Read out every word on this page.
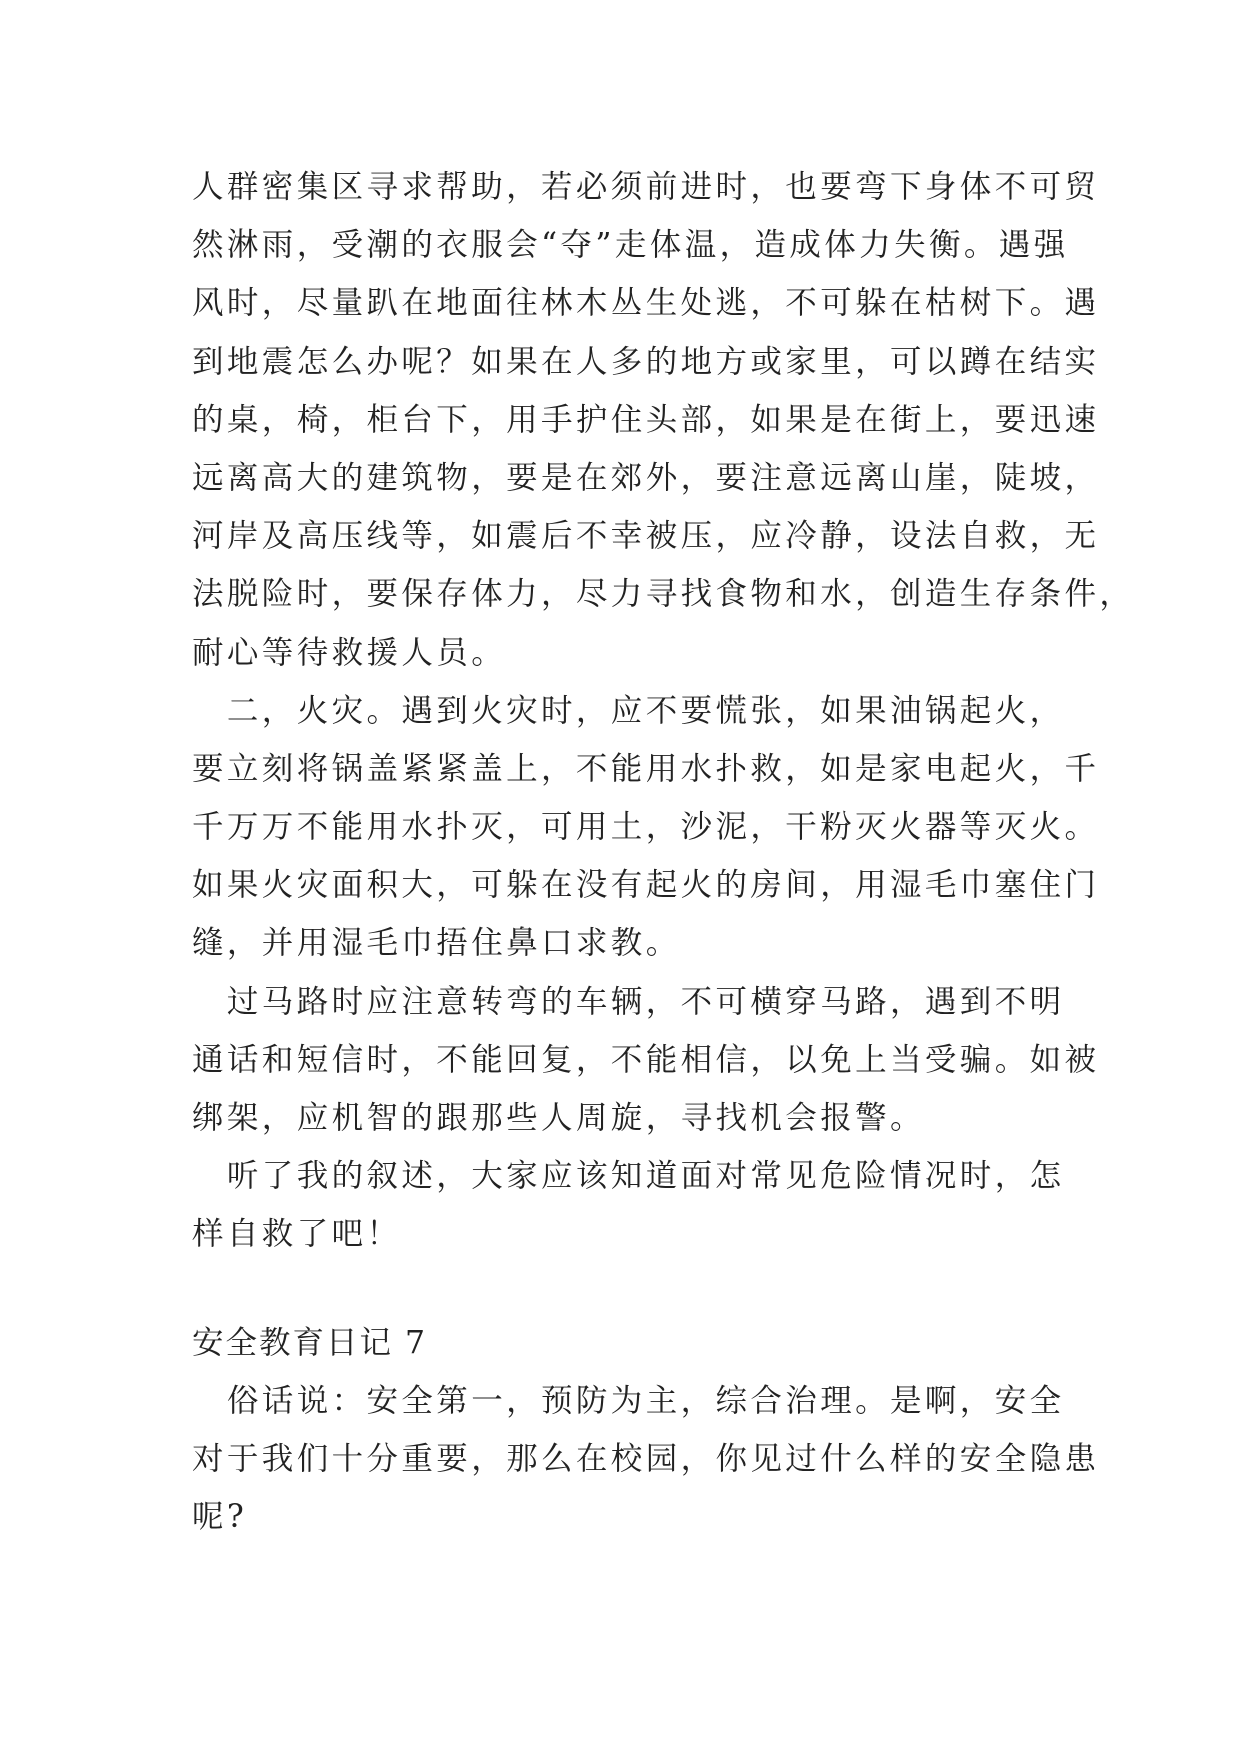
人群密集区寻求帮助，若必须前进时，也要弯下身体不可贸
然淋雨，受潮的衣服会“夺”走体温，造成体力失衡。遇强
风时，尽量趴在地面往林木丛生处逃，不可躲在枯树下。遇
到地震怎么办呢？如果在人多的地方或家里，可以蹲在结实
的桌，椅，柜台下，用手护住头部，如果是在街上，要迅速
远离高大的建筑物，要是在郊外，要注意远离山崖，陡坡，
河岸及高压线等，如震后不幸被压，应冷静，设法自救，无
法脱险时，要保存体力，尽力寻找食物和水，创造生存条件，
耐心等待救援人员。
　二，火灾。遇到火灾时，应不要慌张，如果油锅起火，
要立刻将锅盖紧紧盖上，不能用水扑救，如是家电起火，千
千万万不能用水扑灭，可用土，沙泥，干粉灭火器等灭火。
如果火灾面积大，可躲在没有起火的房间，用湿毛巾塞住门
缝，并用湿毛巾捂住鼻口求教。
　过马路时应注意转弯的车辆，不可横穿马路，遇到不明
通话和短信时，不能回复，不能相信，以免上当受骗。如被
绑架，应机智的跟那些人周旋，寻找机会报警。
　听了我的叙述，大家应该知道面对常见危险情况时，怎
样自救了吧！
安全教育日记 7
　俗话说：安全第一，预防为主，综合治理。是啊，安全
对于我们十分重要，那么在校园，你见过什么样的安全隐患
呢?
